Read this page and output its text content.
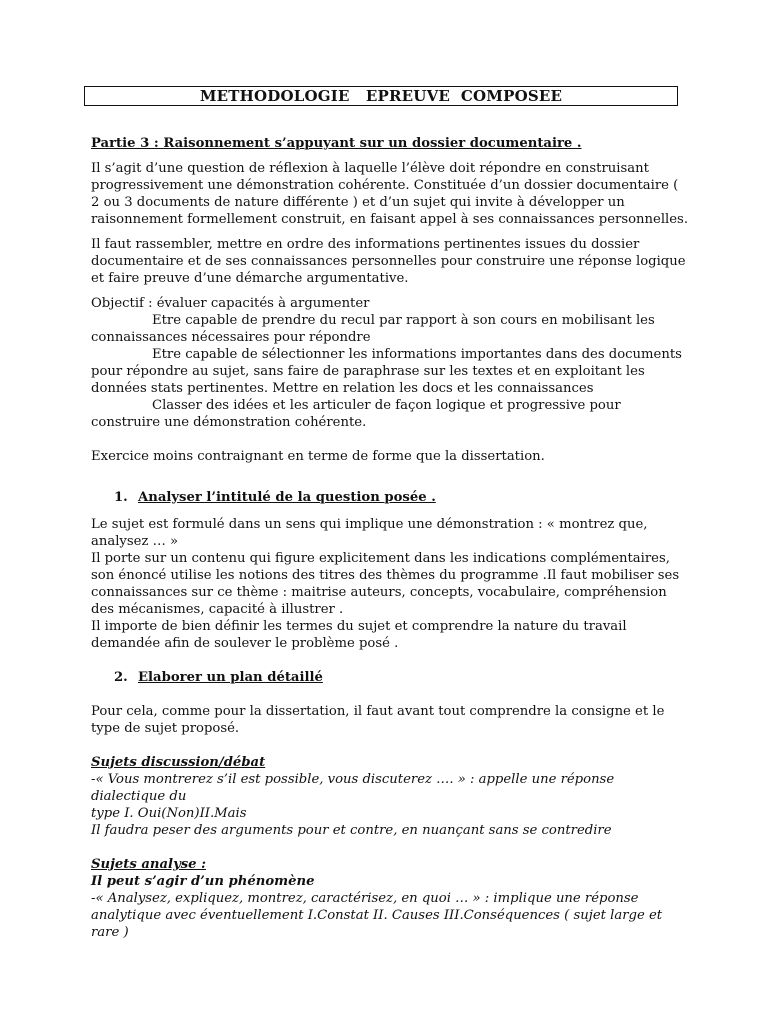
METHODOLOGIE   EPREUVE  COMPOSEE

Partie 3 : Raisonnement s’appuyant sur un dossier documentaire .

Il s’agit d’une question de réflexion à laquelle l’élève doit répondre en construisant

progressivement une démonstration cohérente. Constituée d’un dossier documentaire (

2 ou 3 documents de nature différente ) et d’un sujet qui invite à développer un

raisonnement formellement construit, en faisant appel à ses connaissances personnelles.

Il faut rassembler, mettre en ordre des informations pertinentes issues du dossier

documentaire et de ses connaissances personnelles pour construire une réponse logique

et faire preuve d’une démarche argumentative.

Objectif : évaluer capacités à argumenter

Etre capable de prendre du recul par rapport à son cours en mobilisant les

connaissances nécessaires pour répondre

Etre capable de sélectionner les informations importantes dans des documents

pour répondre au sujet, sans faire de paraphrase sur les textes et en exploitant les

données stats pertinentes. Mettre en relation les docs et les connaissances

Classer des idées et les articuler de façon logique et progressive pour

construire une démonstration cohérente.

Exercice moins contraignant en terme de forme que la dissertation.

1. Analyser l’intitulé de la question posée .

Le sujet est formulé dans un sens qui implique une démonstration : « montrez que,

analysez … »

Il porte sur un contenu qui figure explicitement dans les indications complémentaires,

son énoncé utilise les notions des titres des thèmes du programme .Il faut mobiliser ses

connaissances sur ce thème : maitrise auteurs, concepts, vocabulaire, compréhension

des mécanismes, capacité à illustrer .

Il importe de bien définir les termes du sujet et comprendre la nature du travail

demandée afin de soulever le problème posé .

2. Elaborer un plan détaillé

Pour cela, comme pour la dissertation, il faut avant tout comprendre la consigne et le

type de sujet proposé.

Sujets discussion/débat

-« Vous montrerez s’il est possible, vous discuterez …. » : appelle une réponse dialectique du

type I. Oui(Non)II.Mais

Il faudra peser des arguments pour et contre, en nuançant sans se contredire

Sujets analyse :

Il peut s’agir d’un phénomène

-« Analysez, expliquez, montrez, caractérisez, en quoi … » : implique une réponse

analytique avec éventuellement I.Constat II. Causes III.Conséquences ( sujet large et rare )
